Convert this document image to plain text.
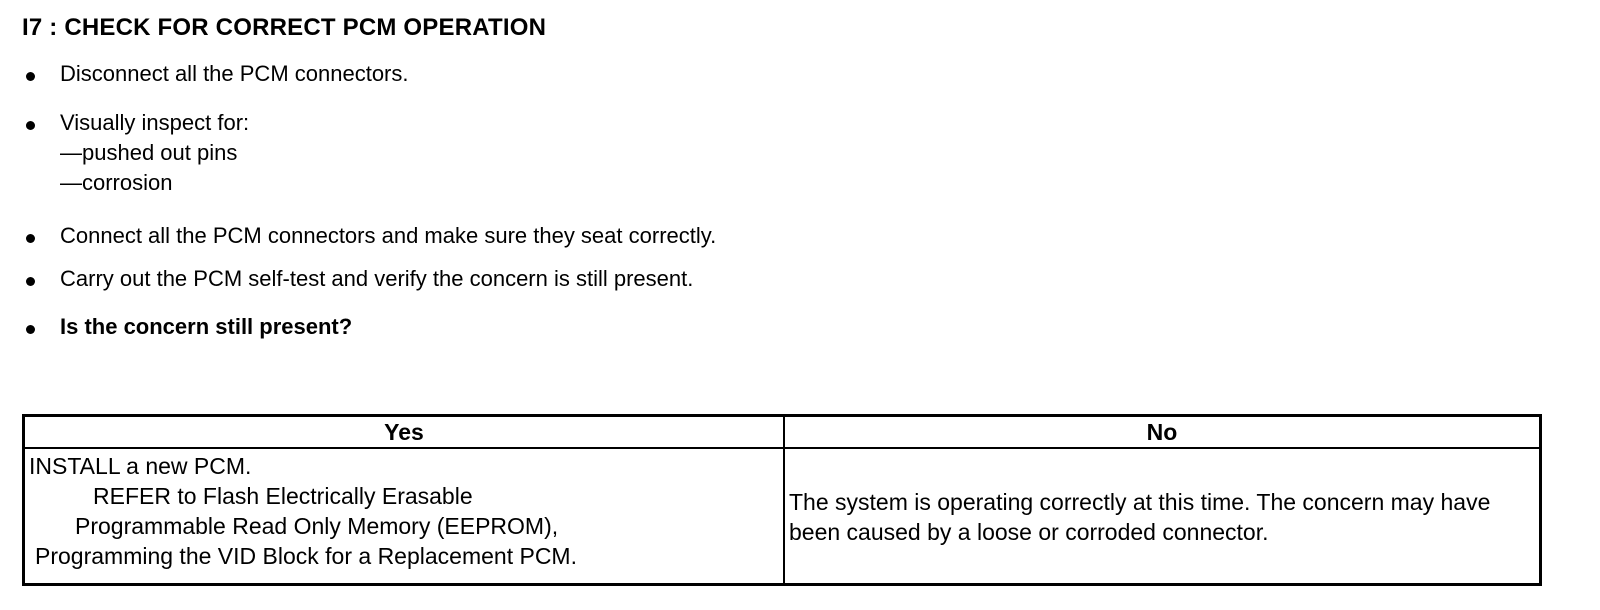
I7 : CHECK FOR CORRECT PCM OPERATION
Disconnect all the PCM connectors.
Visually inspect for:
—pushed out pins
—corrosion
Connect all the PCM connectors and make sure they seat correctly.
Carry out the PCM self-test and verify the concern is still present.
Is the concern still present?
Yes	No

INSTALL a new PCM.
REFER to Flash Electrically Erasable
Programmable Read Only Memory (EEPROM),
Programming the VID Block for a Replacement PCM.	The system is operating correctly at this time. The concern may have been caused by a loose or corroded connector.
